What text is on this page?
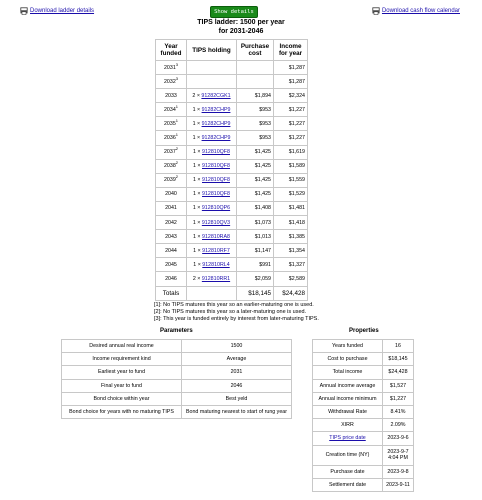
Download ladder details	Download cash flow calendar
Show details
TIPS ladder: 1500 per year
for 2031-2046
Year funded	TIPS holding	Purchase cost	Income for year
2031$^3$			$1,287
2032$^3$			$1,287
2033	2 × 91282CGK1	$1,894	$2,324
2034$^1$	1 × 91282CHP9	$953	$1,227
2035$^1$	1 × 91282CHP9	$953	$1,227
2036$^1$	1 × 91282CHP9	$953	$1,227
2037$^2$	1 × 912810QF8	$1,425	$1,619
2038$^2$	1 × 912810QF8	$1,425	$1,589
2039$^2$	1 × 912810QF8	$1,425	$1,559
2040	1 × 912810QF8	$1,425	$1,529
2041	1 × 912810QP6	$1,408	$1,481
2042	1 × 912810QV3	$1,073	$1,418
2043	1 × 912810RA8	$1,013	$1,385
2044	1 × 912810RF7	$1,147	$1,354
2045	1 × 912810RL4	$991	$1,327
2046	2 × 912810RR1	$2,059	$2,589
Totals		$18,145	$24,428
[1]: No TIPS matures this year so an earlier-maturing one is used.
[2]: No TIPS matures this year so a later-maturing one is used.
[3]: This year is funded entirely by interest from later-maturing TIPS.
Parameters
Desired annual real income	1500
Income requirement kind	Average
Earliest year to fund	2031
Final year to fund	2046
Bond choice within year	Best yeld
Bond choice for years with no maturing TIPS	Bond maturing nearest to start of rung year
Properties
Years funded	16
Cost to purchase	$18,145
Total income	$24,428
Annual income average	$1,527
Annual income minimum	$1,227
Withdrawal Rate	8.41%
XIRR	2.09%
TIPS price date	2023-9-6
Creation time (NY)	2023-9-7 4:04 PM
Purchase date	2023-9-8
Settlement date	2023-9-11
